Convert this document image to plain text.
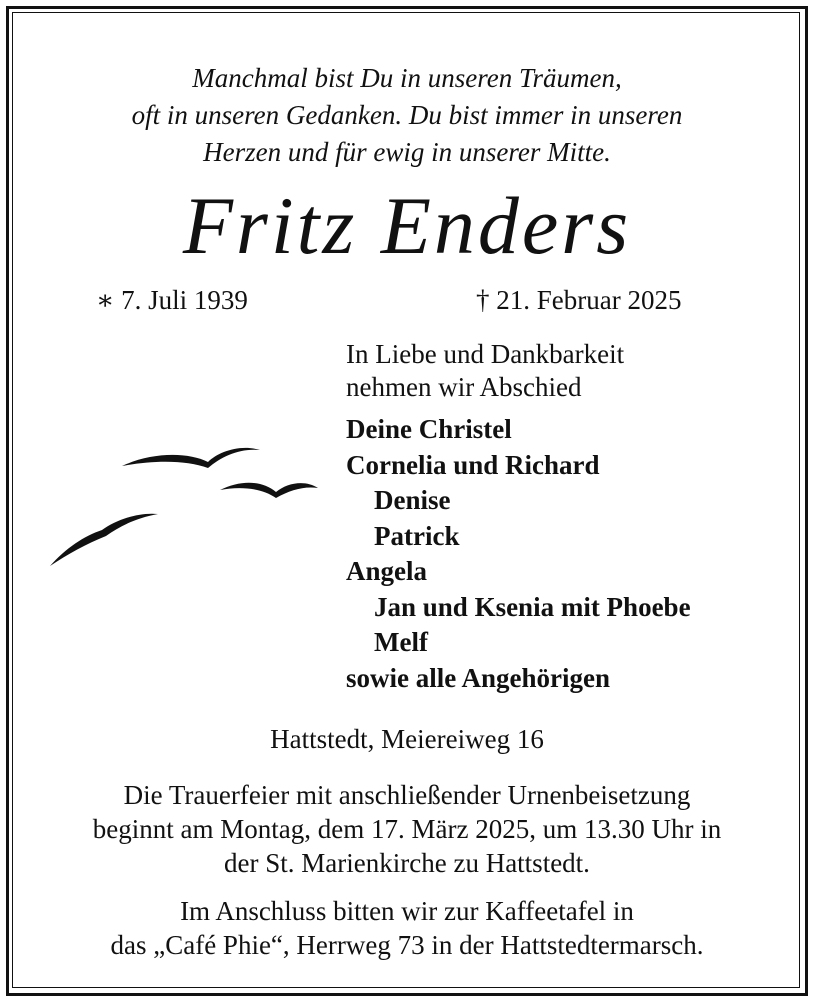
Manchmal bist Du in unseren Träumen,
oft in unseren Gedanken. Du bist immer in unseren
Herzen und für ewig in unserer Mitte.
Fritz Enders
∗ 7. Juli 1939	† 21. Februar 2025
In Liebe und Dankbarkeit
nehmen wir Abschied
Deine Christel
Cornelia und Richard
Denise
Patrick
Angela
Jan und Ksenia mit Phoebe
Melf
sowie alle Angehörigen
Hattstedt, Meiereiweg 16
Die Trauerfeier mit anschließender Urnenbeisetzung
beginnt am Montag, dem 17. März 2025, um 13.30 Uhr in
der St. Marienkirche zu Hattstedt.
Im Anschluss bitten wir zur Kaffeetafel in
das „Café Phie“, Herrweg 73 in der Hattstedtermarsch.
